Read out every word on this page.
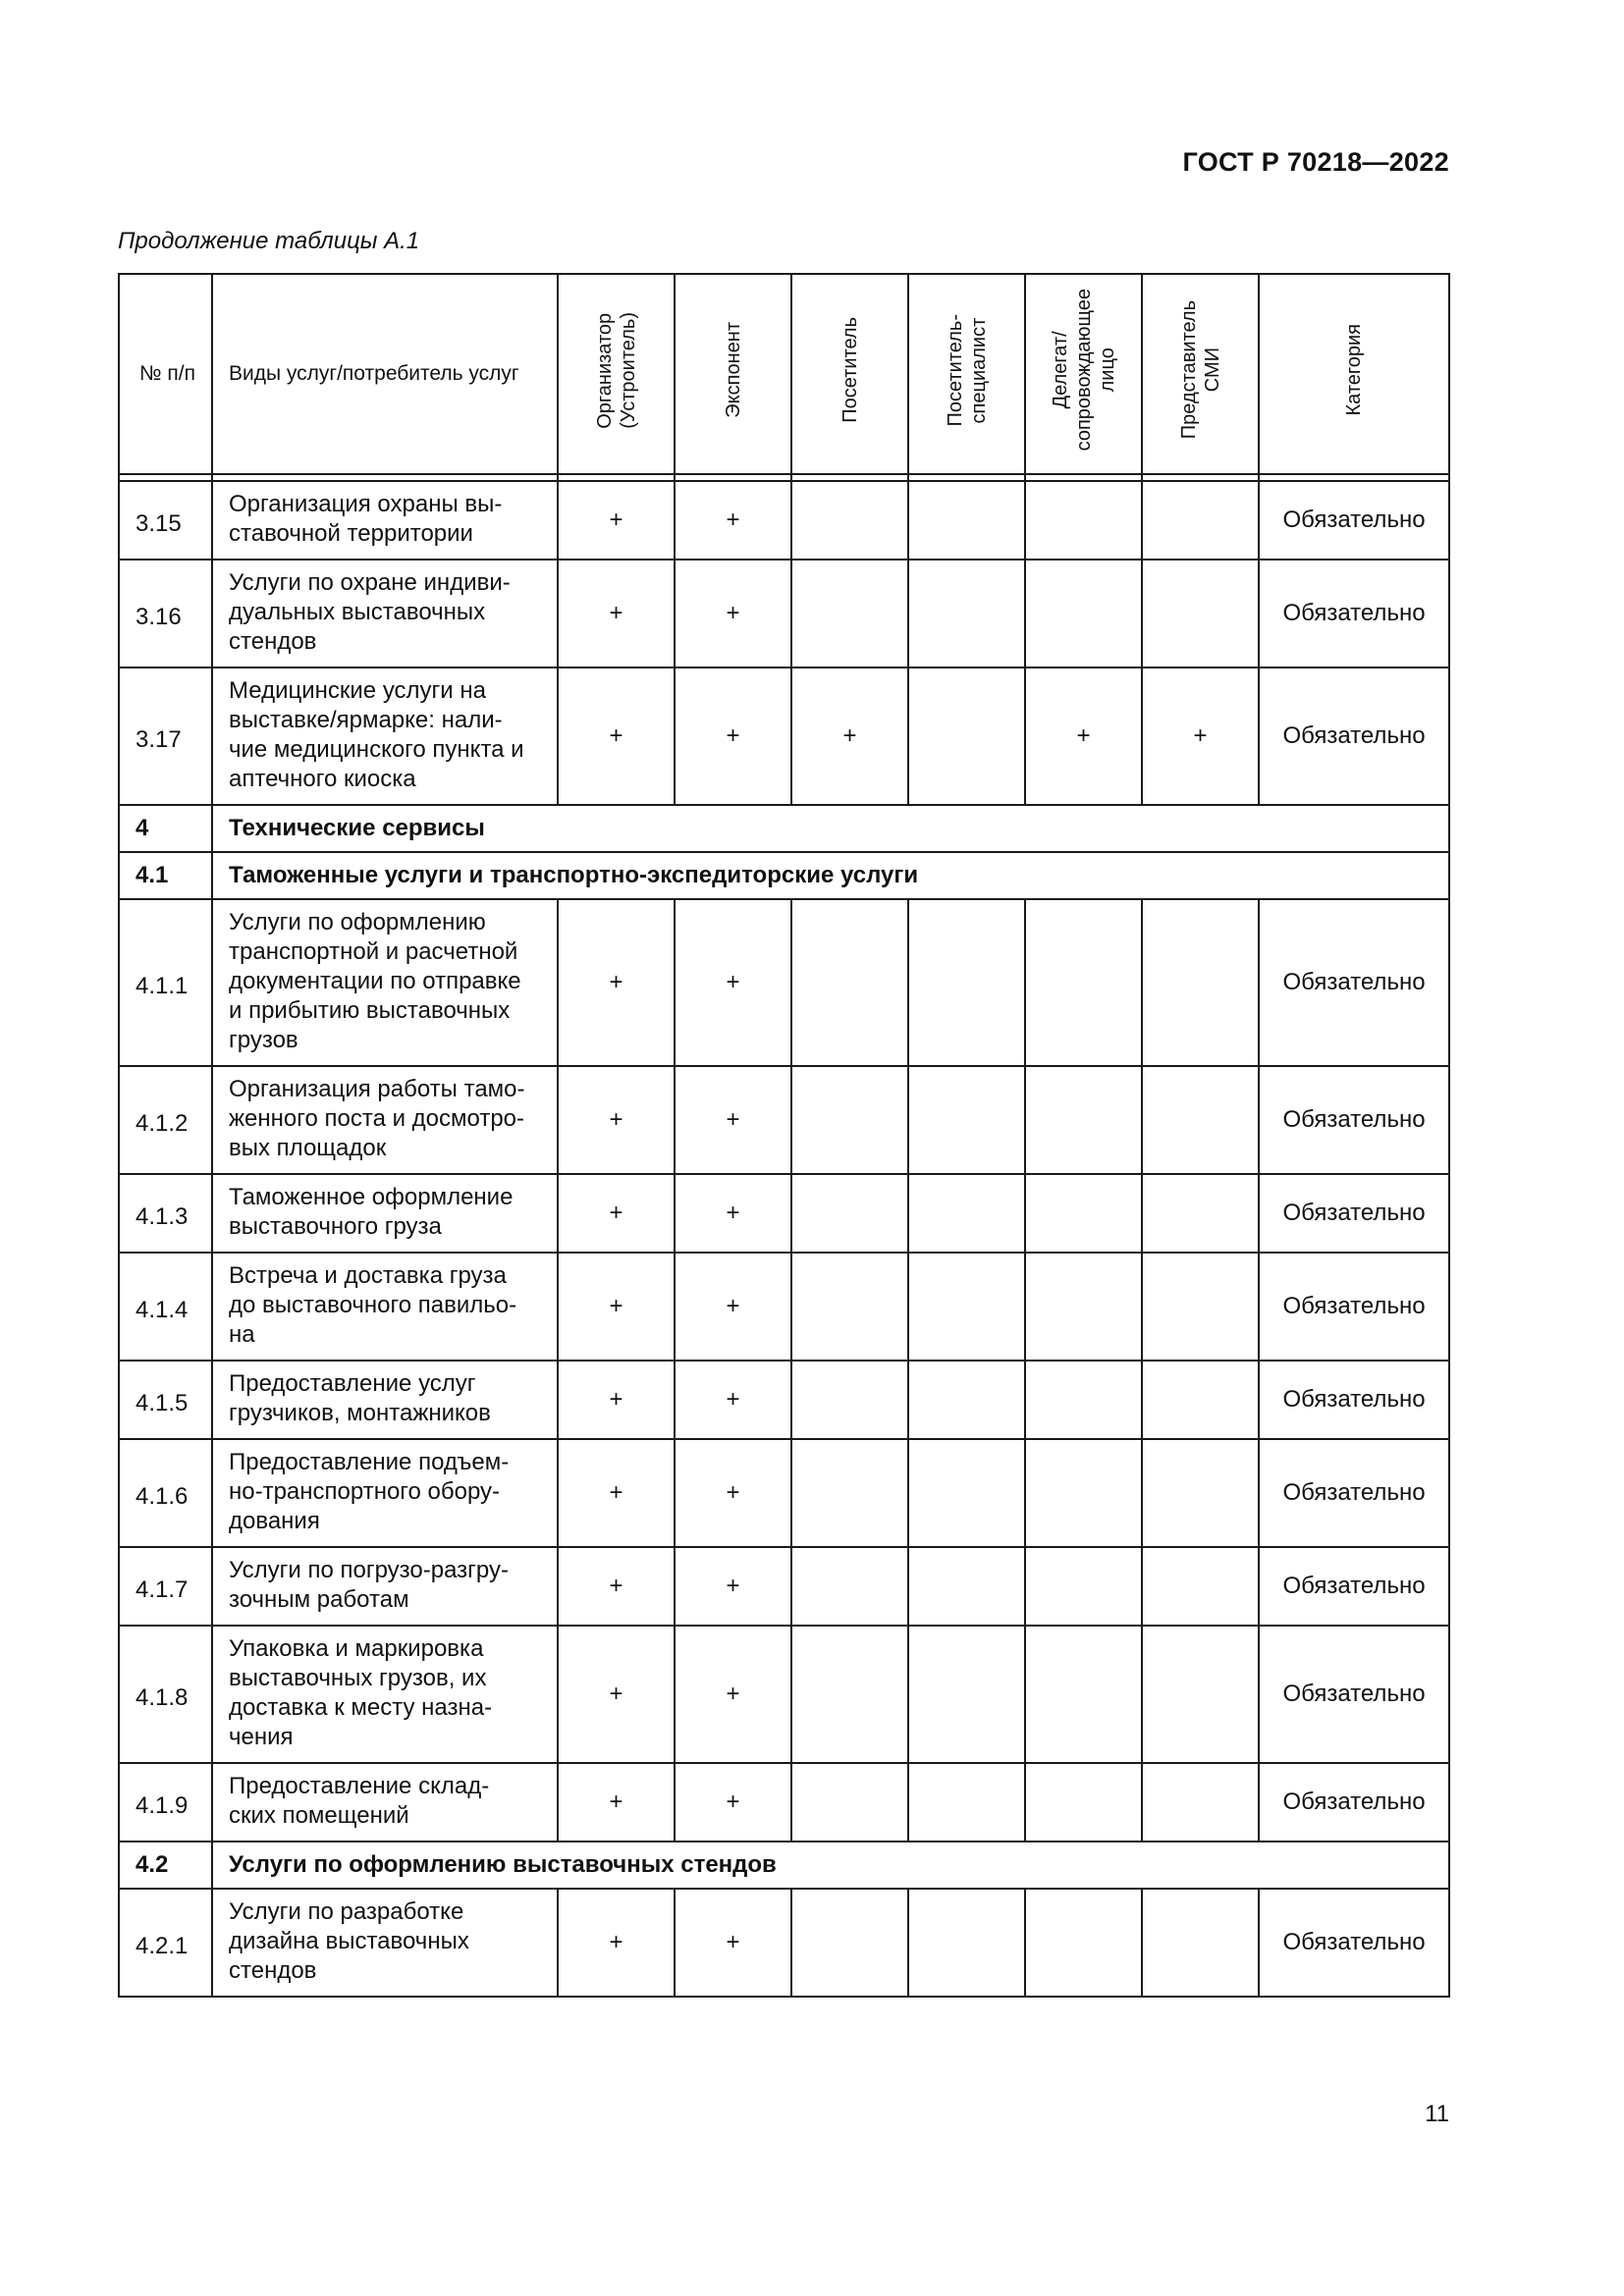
ГОСТ Р 70218—2022
Продолжение таблицы А.1
№ п/п	Виды услуг/потребитель услуг	Организатор (Устроитель)	Экспонент	Посетитель	Посетитель- специалист	Делегат/ сопровождающее лицо	Представитель СМИ	Категория

3.15	Организация охраны вы-
ставочной территории	+	+					Обязательно
3.16	Услуги по охране индиви-
дуальных выставочных
стендов	+	+					Обязательно
3.17	Медицинские услуги на
выставке/ярмарке: нали-
чие медицинского пункта и
аптечного киоска	+	+	+		+	+	Обязательно
4	Технические сервисы							
4.1	Таможенные услуги и транспортно-экспедиторские услуги							
4.1.1	Услуги по оформлению
транспортной и расчетной
документации по отправке
и прибытию выставочных
грузов	+	+					Обязательно
4.1.2	Организация работы тамо-
женного поста и досмотро-
вых площадок	+	+					Обязательно
4.1.3	Таможенное оформление
выставочного груза	+	+					Обязательно
4.1.4	Встреча и доставка груза
до выставочного павильо-
на	+	+					Обязательно
4.1.5	Предоставление услуг
грузчиков, монтажников	+	+					Обязательно
4.1.6	Предоставление подъем-
но-транспортного обору-
дования	+	+					Обязательно
4.1.7	Услуги по погрузо-разгру-
зочным работам	+	+					Обязательно
4.1.8	Упаковка и маркировка
выставочных грузов, их
доставка к месту назна-
чения	+	+					Обязательно
4.1.9	Предоставление склад-
ских помещений	+	+					Обязательно
4.2	Услуги по оформлению выставочных стендов							
4.2.1	Услуги по разработке
дизайна выставочных
стендов	+	+					Обязательно
11
